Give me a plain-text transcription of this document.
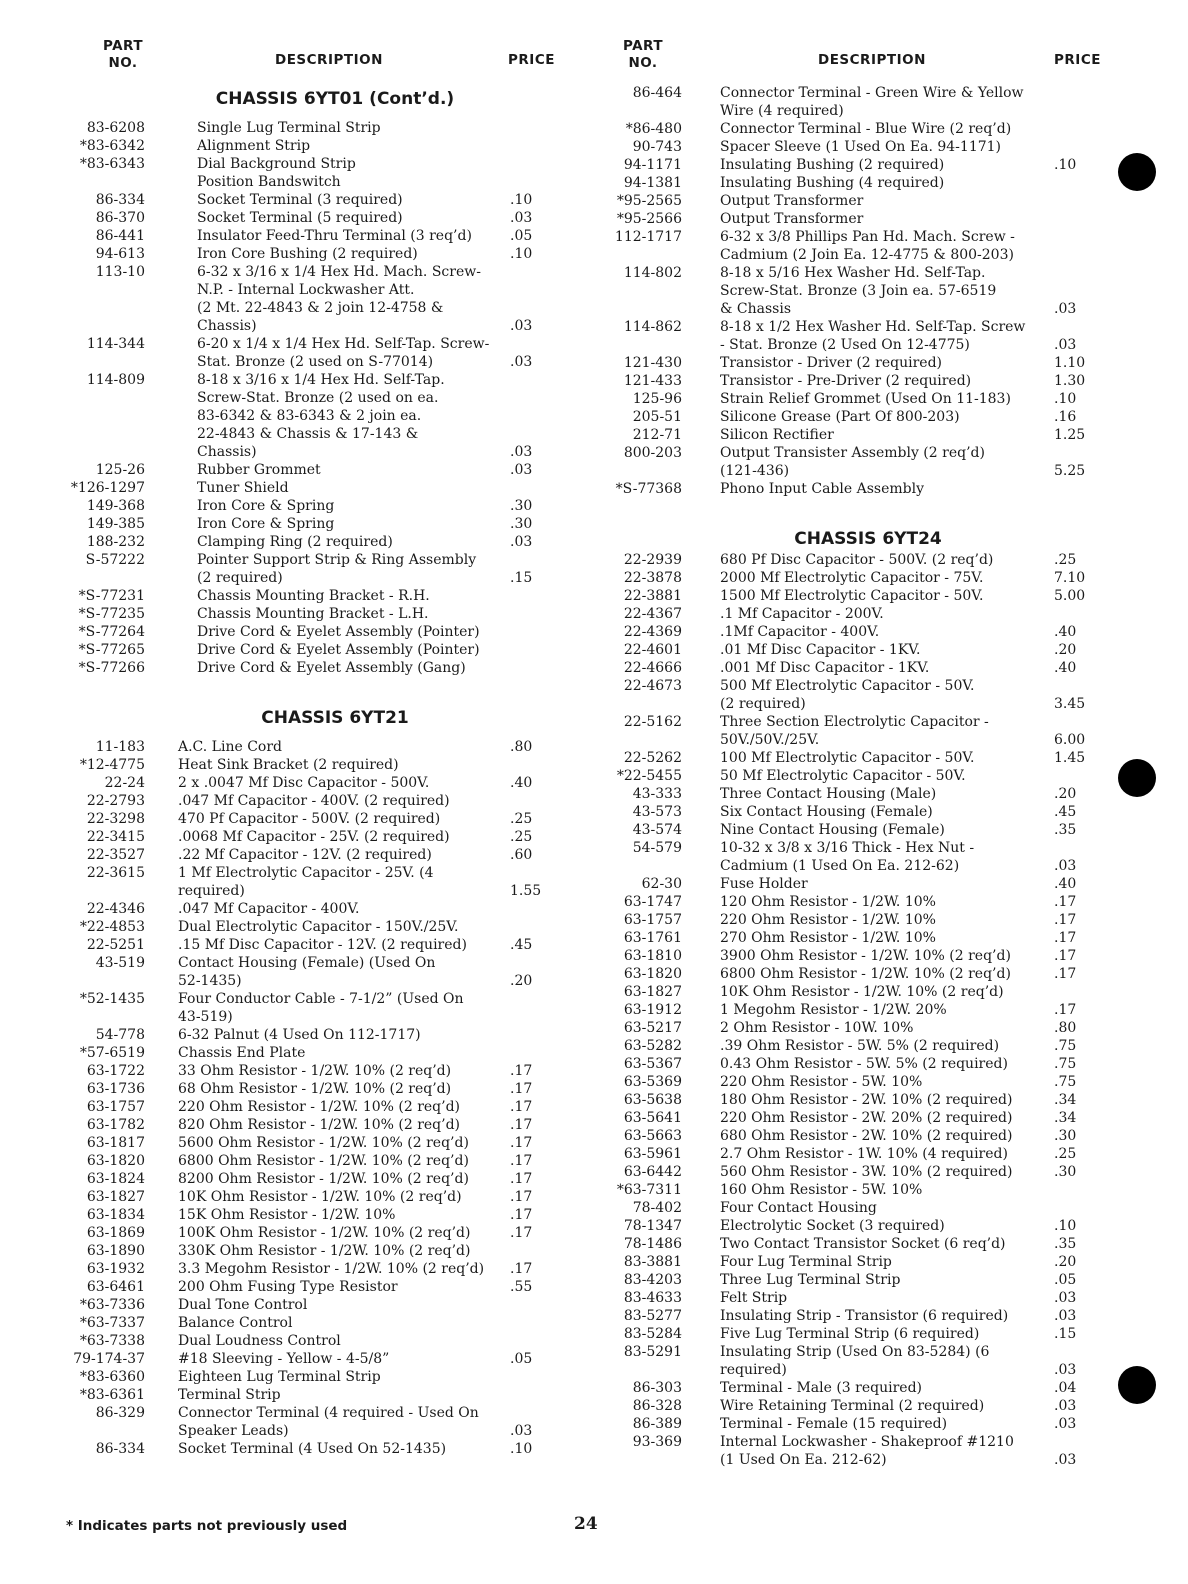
PART
NO.	DESCRIPTION	PRICE
CHASSIS 6YT01 (Cont’d.)
83-6208	Single Lug Terminal Strip
*83-6342	Alignment Strip
*83-6343	Dial Background Strip
Position Bandswitch
86-334	Socket Terminal (3 required)	.10
86-370	Socket Terminal (5 required)	.03
86-441	Insulator Feed-Thru Terminal (3 req’d)	.05
94-613	Iron Core Bushing (2 required)	.10
113-10	6-32 x 3/16 x 1/4 Hex Hd. Mach. Screw-
N.P. - Internal Lockwasher Att.
(2 Mt. 22-4843 & 2 join 12-4758 &
Chassis)	.03
114-344	6-20 x 1/4 x 1/4 Hex Hd. Self-Tap. Screw-
Stat. Bronze (2 used on S-77014)	.03
114-809	8-18 x 3/16 x 1/4 Hex Hd. Self-Tap.
Screw-Stat. Bronze (2 used on ea.
83-6342 & 83-6343 & 2 join ea.
22-4843 & Chassis & 17-143 &
Chassis)	.03
125-26	Rubber Grommet	.03
*126-1297	Tuner Shield
149-368	Iron Core & Spring	.30
149-385	Iron Core & Spring	.30
188-232	Clamping Ring (2 required)	.03
S-57222	Pointer Support Strip & Ring Assembly
(2 required)	.15
*S-77231	Chassis Mounting Bracket - R.H.
*S-77235	Chassis Mounting Bracket - L.H.
*S-77264	Drive Cord & Eyelet Assembly (Pointer)
*S-77265	Drive Cord & Eyelet Assembly (Pointer)
*S-77266	Drive Cord & Eyelet Assembly (Gang)
CHASSIS 6YT21
11-183 A.C. Line Cord	.80
*12-4775 Heat Sink Bracket (2 required)
22-24 2 x .0047 Mf Disc Capacitor - 500V.	.40
22-2793 .047 Mf Capacitor - 400V. (2 required)
22-3298 470 Pf Capacitor - 500V. (2 required)	.25
22-3415 .0068 Mf Capacitor - 25V. (2 required)	.25
22-3527 .22 Mf Capacitor - 12V. (2 required)	.60
22-3615 1 Mf Electrolytic Capacitor - 25V. (4
required)	1.55
22-4346 .047 Mf Capacitor - 400V.
*22-4853 Dual Electrolytic Capacitor - 150V./25V.
22-5251 .15 Mf Disc Capacitor - 12V. (2 required)	.45
43-519 Contact Housing (Female) (Used On
52-1435)	.20
*52-1435 Four Conductor Cable - 7-1/2” (Used On
43-519)
54-778 6-32 Palnut (4 Used On 112-1717)
*57-6519 Chassis End Plate
63-1722 33 Ohm Resistor - 1/2W. 10% (2 req’d)	.17
63-1736 68 Ohm Resistor - 1/2W. 10% (2 req’d)	.17
63-1757 220 Ohm Resistor - 1/2W. 10% (2 req’d)	.17
63-1782 820 Ohm Resistor - 1/2W. 10% (2 req’d)	.17
63-1817 5600 Ohm Resistor - 1/2W. 10% (2 req’d)	.17
63-1820 6800 Ohm Resistor - 1/2W. 10% (2 req’d)	.17
63-1824 8200 Ohm Resistor - 1/2W. 10% (2 req’d)	.17
63-1827 10K Ohm Resistor - 1/2W. 10% (2 req’d)	.17
63-1834 15K Ohm Resistor - 1/2W. 10%	.17
63-1869 100K Ohm Resistor - 1/2W. 10% (2 req’d)	.17
63-1890 330K Ohm Resistor - 1/2W. 10% (2 req’d)
63-1932 3.3 Megohm Resistor - 1/2W. 10% (2 req’d)	.17
63-6461 200 Ohm Fusing Type Resistor	.55
*63-7336 Dual Tone Control
*63-7337 Balance Control
*63-7338 Dual Loudness Control
79-174-37 #18 Sleeving - Yellow - 4-5/8”	.05
*83-6360 Eighteen Lug Terminal Strip
*83-6361 Terminal Strip
86-329 Connector Terminal (4 required - Used On
Speaker Leads)	.03
86-334 Socket Terminal (4 Used On 52-1435)	.10
PART
NO.	DESCRIPTION	PRICE
86-464	Connector Terminal - Green Wire & Yellow
Wire (4 required)
*86-480	Connector Terminal - Blue Wire (2 req’d)
90-743	Spacer Sleeve (1 Used On Ea. 94-1171)
94-1171	Insulating Bushing (2 required)	.10
94-1381	Insulating Bushing (4 required)
*95-2565	Output Transformer
*95-2566	Output Transformer
112-1717	6-32 x 3/8 Phillips Pan Hd. Mach. Screw -
Cadmium (2 Join Ea. 12-4775 & 800-203)
114-802	8-18 x 5/16 Hex Washer Hd. Self-Tap.
Screw-Stat. Bronze (3 Join ea. 57-6519
& Chassis	.03
114-862	8-18 x 1/2 Hex Washer Hd. Self-Tap. Screw
- Stat. Bronze (2 Used On 12-4775)	.03
121-430	Transistor - Driver (2 required)	1.10
121-433	Transistor - Pre-Driver (2 required)	1.30
125-96	Strain Relief Grommet (Used On 11-183)	.10
205-51	Silicone Grease (Part Of 800-203)	.16
212-71	Silicon Rectifier	1.25
800-203	Output Transister Assembly (2 req’d)
(121-436)	5.25
*S-77368	Phono Input Cable Assembly
CHASSIS 6YT24
22-2939	680 Pf Disc Capacitor - 500V. (2 req’d)	.25
22-3878	2000 Mf Electrolytic Capacitor - 75V.	7.10
22-3881	1500 Mf Electrolytic Capacitor - 50V.	5.00
22-4367	.1 Mf Capacitor - 200V.
22-4369	.1Mf Capacitor - 400V.	.40
22-4601	.01 Mf Disc Capacitor - 1KV.	.20
22-4666	.001 Mf Disc Capacitor - 1KV.	.40
22-4673	500 Mf Electrolytic Capacitor - 50V.
(2 required)	3.45
22-5162	Three Section Electrolytic Capacitor -
50V./50V./25V.	6.00
22-5262	100 Mf Electrolytic Capacitor - 50V.	1.45
*22-5455	50 Mf Electrolytic Capacitor - 50V.
43-333	Three Contact Housing (Male)	.20
43-573	Six Contact Housing (Female)	.45
43-574	Nine Contact Housing (Female)	.35
54-579	10-32 x 3/8 x 3/16 Thick - Hex Nut -
Cadmium (1 Used On Ea. 212-62)	.03
62-30	Fuse Holder	.40
63-1747	120 Ohm Resistor - 1/2W. 10%	.17
63-1757	220 Ohm Resistor - 1/2W. 10%	.17
63-1761	270 Ohm Resistor - 1/2W. 10%	.17
63-1810	3900 Ohm Resistor - 1/2W. 10% (2 req’d)	.17
63-1820	6800 Ohm Resistor - 1/2W. 10% (2 req’d)	.17
63-1827	10K Ohm Resistor - 1/2W. 10% (2 req’d)
63-1912	1 Megohm Resistor - 1/2W. 20%	.17
63-5217	2 Ohm Resistor - 10W. 10%	.80
63-5282	.39 Ohm Resistor - 5W. 5% (2 required)	.75
63-5367	0.43 Ohm Resistor - 5W. 5% (2 required)	.75
63-5369	220 Ohm Resistor - 5W. 10%	.75
63-5638	180 Ohm Resistor - 2W. 10% (2 required)	.34
63-5641	220 Ohm Resistor - 2W. 20% (2 required)	.34
63-5663	680 Ohm Resistor - 2W. 10% (2 required)	.30
63-5961	2.7 Ohm Resistor - 1W. 10% (4 required)	.25
63-6442	560 Ohm Resistor - 3W. 10% (2 required)	.30
*63-7311	160 Ohm Resistor - 5W. 10%
78-402	Four Contact Housing
78-1347	Electrolytic Socket (3 required)	.10
78-1486	Two Contact Transistor Socket (6 req’d)	.35
83-3881	Four Lug Terminal Strip	.20
83-4203	Three Lug Terminal Strip	.05
83-4633	Felt Strip	.03
83-5277	Insulating Strip - Transistor (6 required)	.03
83-5284	Five Lug Terminal Strip (6 required)	.15
83-5291	Insulating Strip (Used On 83-5284) (6
required)	.03
86-303	Terminal - Male (3 required)	.04
86-328	Wire Retaining Terminal (2 required)	.03
86-389	Terminal - Female (15 required)	.03
93-369	Internal Lockwasher - Shakeproof #1210
(1 Used On Ea. 212-62)	.03
* Indicates parts not previously used	24
